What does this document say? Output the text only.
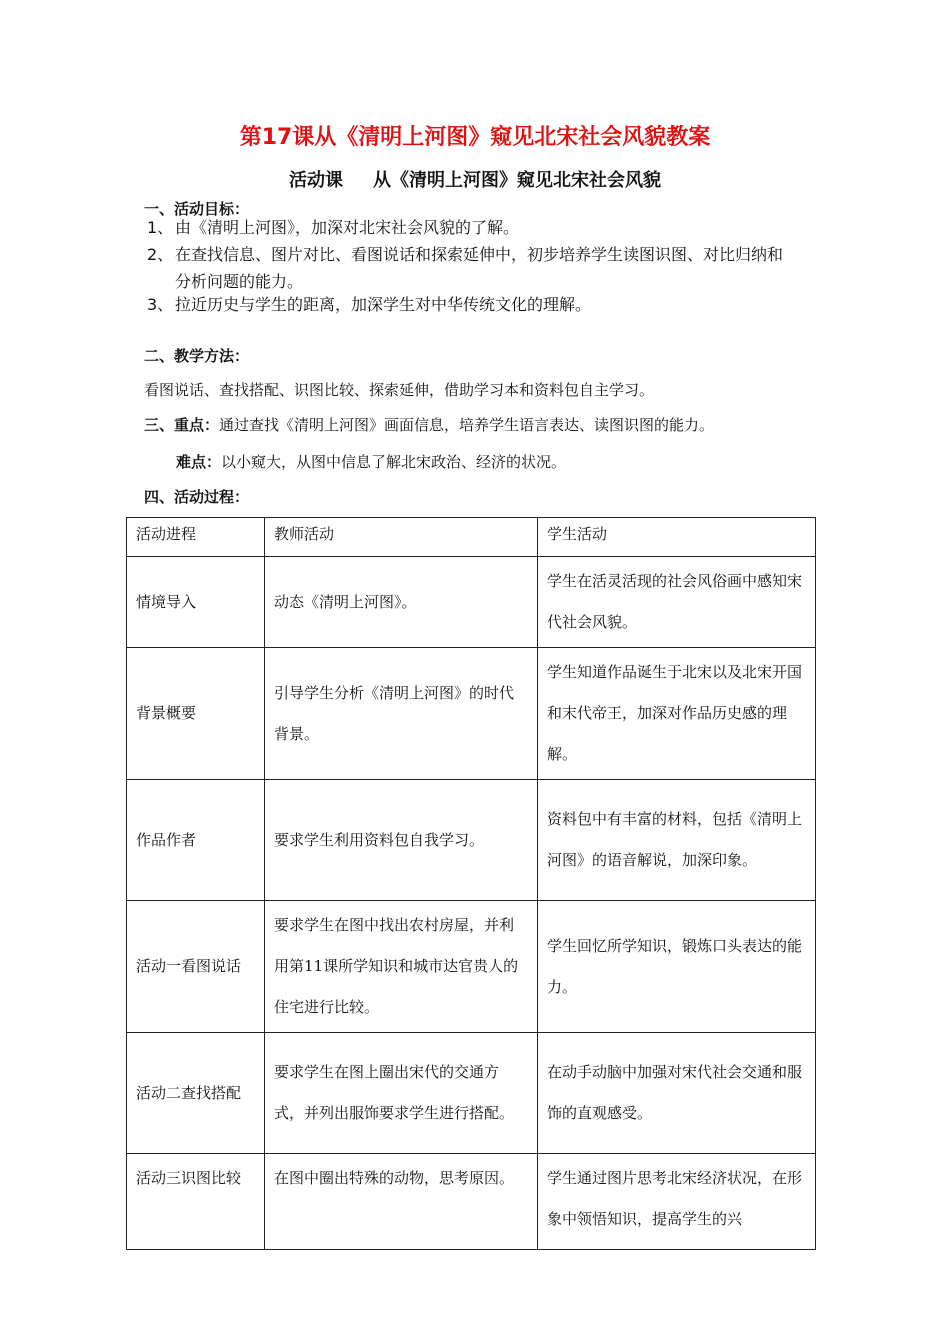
第17课从《清明上河图》窥见北宋社会风貌教案
活动课 从《清明上河图》窥见北宋社会风貌
一、活动目标：
1、 由《清明上河图》，加深对北宋社会风貌的了解。
2、 在查找信息、图片对比、看图说话和探索延伸中，初步培养学生读图识图、对比归纳和
分析问题的能力。
3、 拉近历史与学生的距离，加深学生对中华传统文化的理解。
二、教学方法：
看图说话、查找搭配、识图比较、探索延伸，借助学习本和资料包自主学习。
三、重点：通过查找《清明上河图》画面信息，培养学生语言表达、读图识图的能力。
难点：以小窥大，从图中信息了解北宋政治、经济的状况。
四、活动过程：
活动进程	教师活动	学生活动
情境导入	动态《清明上河图》。	学生在活灵活现的社会风俗画中感知宋代社会风貌。
背景概要	引导学生分析《清明上河图》的时代背景。	学生知道作品诞生于北宋以及北宋开国和末代帝王，加深对作品历史感的理解。
作品作者	要求学生利用资料包自我学习。	资料包中有丰富的材料，包括《清明上河图》的语音解说，加深印象。
活动一看图说话	要求学生在图中找出农村房屋，并利用第11课所学知识和城市达官贵人的住宅进行比较。	学生回忆所学知识，锻炼口头表达的能力。
活动二查找搭配	要求学生在图上圈出宋代的交通方式，并列出服饰要求学生进行搭配。	在动手动脑中加强对宋代社会交通和服饰的直观感受。
活动三识图比较	在图中圈出特殊的动物，思考原因。	学生通过图片思考北宋经济状况，在形象中领悟知识，提高学生的兴
